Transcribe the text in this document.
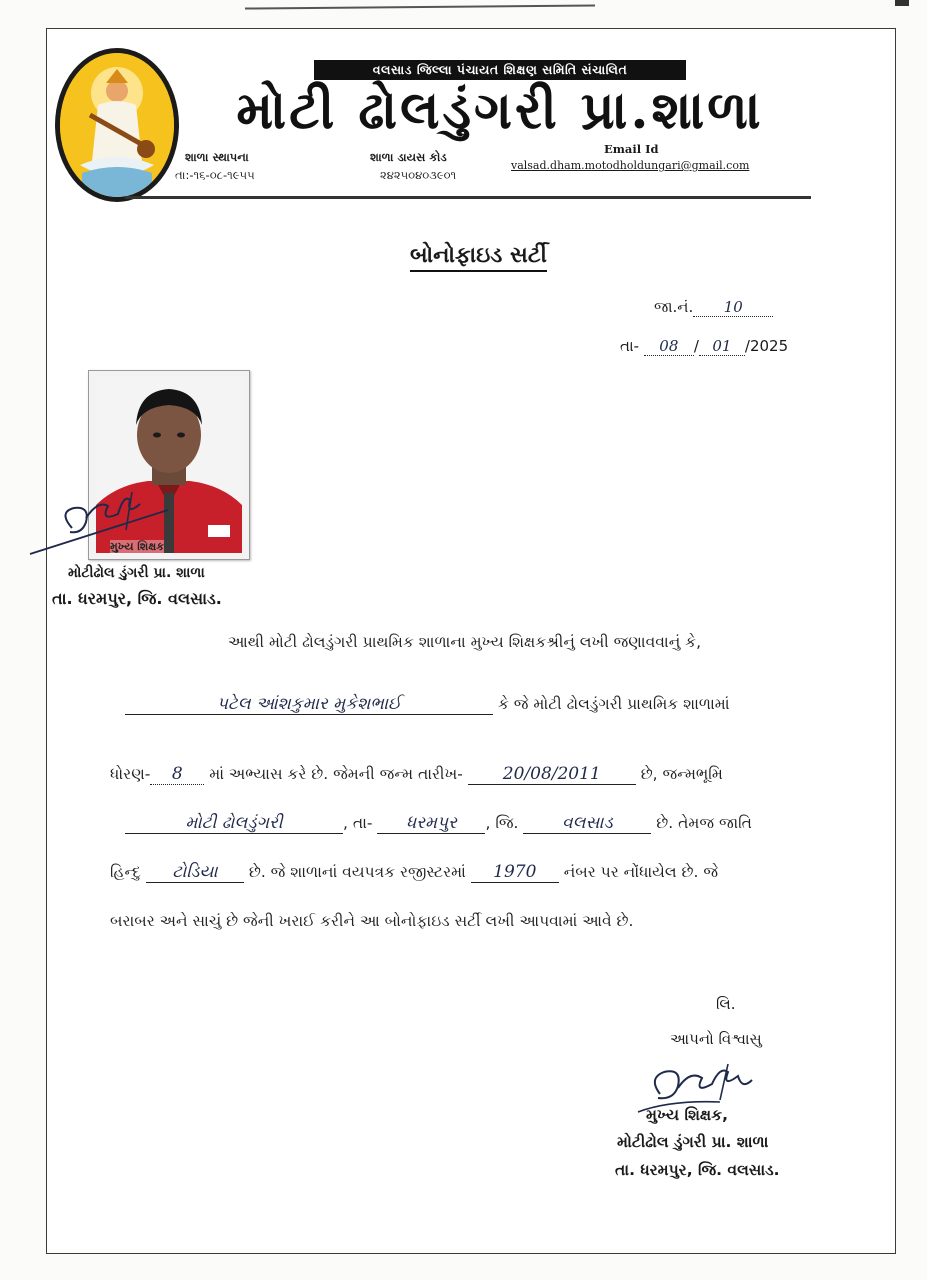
વલસાડ જિલ્લા પંચાયત શિક્ષણ સમિતિ સંચાલિત
મોટી ઢોલડુંગરી પ્રા.શાળા
શાળા સ્થાપના
તા:-૧૬-૦૮-૧૯૫૫
શાળા ડાયસ કોડ
૨૪૨૫૦૪૦૩૯૦૧
Email Id
valsad.dham.motodholdungari@gmail.com
બોનોફાઇડ સર્ટી
જા.નં. 10
તા- 08 / 01 /2025
મુખ્ય શિક્ષક
મોટીઢોલ ડુંગરી પ્રા. શાળા
તા. ધરમપુર, જિ. વલસાડ.
આથી મોટી ઢોલડુંગરી પ્રાથમિક શાળાના મુખ્ય શિક્ષકશ્રીનું લખી જણાવવાનું કે,
પટેલ આંશકુમાર મુકેશભાઈ	કે જે મોટી ઢોલડુંગરી પ્રાથમિક શાળામાં
ધોરણ- 8 માં અભ્યાસ કરે છે. જેમની જન્મ તારીખ- 20/08/2011	છે, જન્મભૂમિ
મોટી ઢોલડુંગરી	, તા- ધરમપુર , જિ.	વલસાડ	છે. તેમજ જાતિ
હિન્દુ ટોડિયા છે. જે શાળાનાં વયપત્રક રજીસ્ટરમાં 1970 નંબર પર નોંધાયેલ છે. જે
બરાબર અને સાચું છે જેની ખરાઈ કરીને આ બોનોફાઇડ સર્ટી લખી આપવામાં આવે છે.
લિ.
આપનો વિશ્વાસુ
મુખ્ય શિક્ષક,
મોટીઢોલ ડુંગરી પ્રા. શાળા
તા. ધરમપુર, જિ. વલસાડ.
